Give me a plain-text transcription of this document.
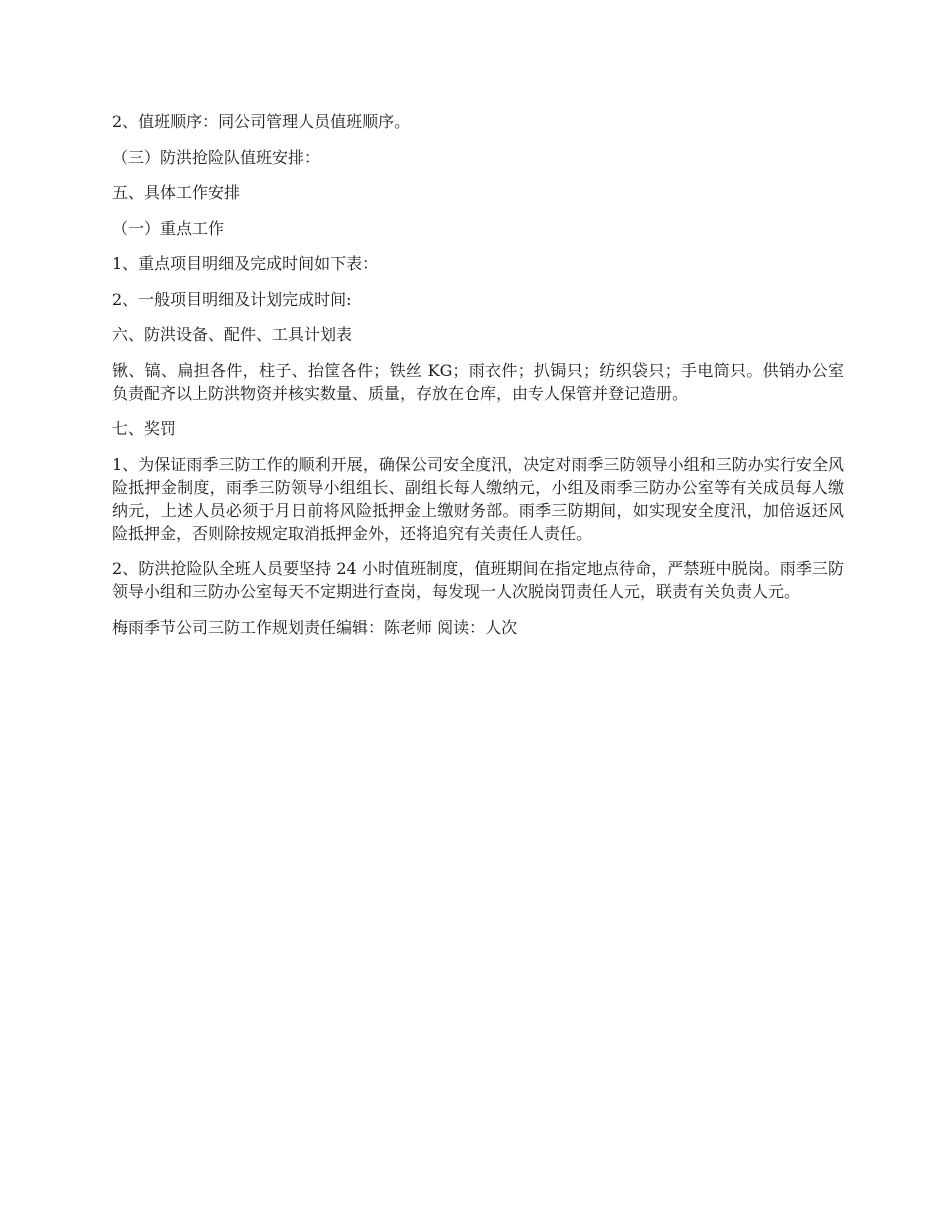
2、值班顺序：同公司管理人员值班顺序。

（三）防洪抢险队值班安排：

五、具体工作安排

（一）重点工作

1、重点项目明细及完成时间如下表：

2、一般项目明细及计划完成时间:

六、防洪设备、配件、工具计划表

锹、镐、扁担各件，柱子、抬筐各件；铁丝 KG；雨衣件；扒锔只；纺织袋只；手电筒只。供销办公室负责配齐以上防洪物资并核实数量、质量，存放在仓库，由专人保管并登记造册。

七、奖罚

1、为保证雨季三防工作的顺利开展，确保公司安全度汛，决定对雨季三防领导小组和三防办实行安全风险抵押金制度，雨季三防领导小组组长、副组长每人缴纳元，小组及雨季三防办公室等有关成员每人缴纳元，上述人员必须于月日前将风险抵押金上缴财务部。雨季三防期间，如实现安全度汛，加倍返还风险抵押金，否则除按规定取消抵押金外，还将追究有关责任人责任。

2、防洪抢险队全班人员要坚持 24 小时值班制度，值班期间在指定地点待命，严禁班中脱岗。雨季三防领导小组和三防办公室每天不定期进行查岗，每发现一人次脱岗罚责任人元，联责有关负责人元。

梅雨季节公司三防工作规划责任编辑：陈老师 阅读：人次
